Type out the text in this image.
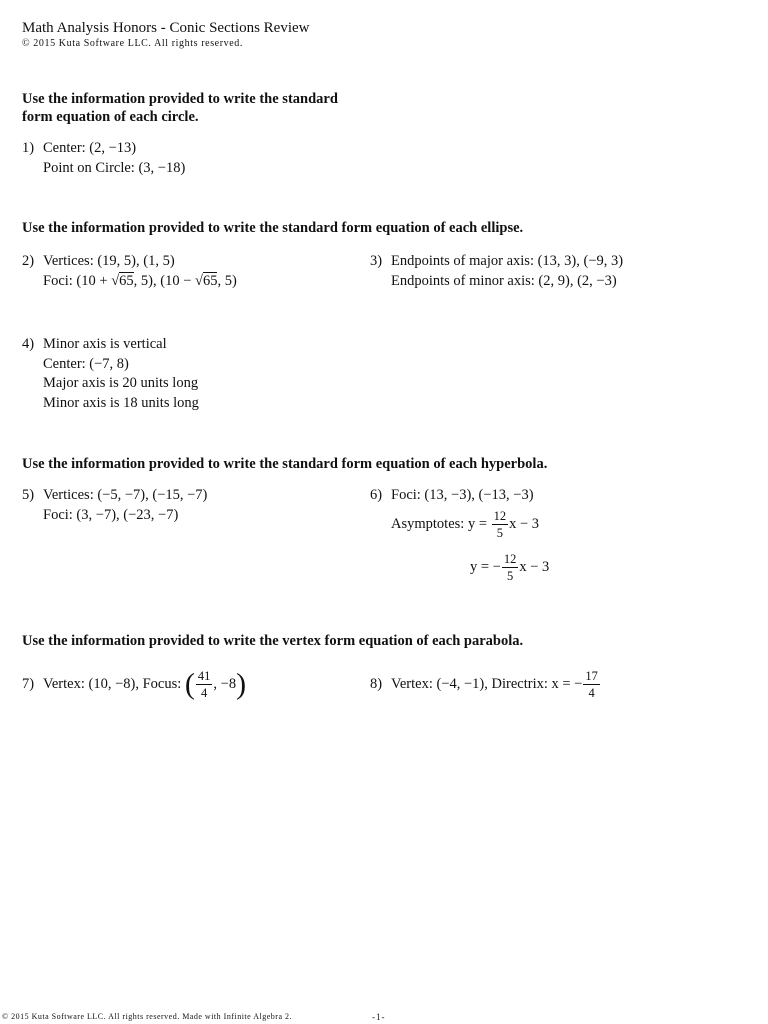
Math Analysis Honors - Conic Sections Review
© 2015 Kuta Software LLC. All rights reserved.
Use the information provided to write the standard
form equation of each circle.
1) Center: (2, −13)
Point on Circle: (3, −18)
Use the information provided to write the standard form equation of each ellipse.
2) Vertices: (19, 5), (1, 5)
Foci: (10 + √65, 5), (10 − √65, 5)
3) Endpoints of major axis: (13, 3), (−9, 3)
Endpoints of minor axis: (2, 9), (2, −3)
4) Minor axis is vertical
Center: (−7, 8)
Major axis is 20 units long
Minor axis is 18 units long
Use the information provided to write the standard form equation of each hyperbola.
5) Vertices: (−5, −7), (−15, −7)
Foci: (3, −7), (−23, −7)
6) Foci: (13, −3), (−13, −3)
Asymptotes: $y = \frac{12}{5}$ x − 3
y = − $\frac{12}{5}$ x − 3
Use the information provided to write the vertex form equation of each parabola.
7) Vertex: (10, −8), Focus: ( $\frac{41}{4}$ , −8)	8) Vertex: (−4, −1), Directrix: x = − $\frac{17}{4}$
© 2015 Kuta Software LLC. All rights reserved. Made with Infinite Algebra 2.	-1-
